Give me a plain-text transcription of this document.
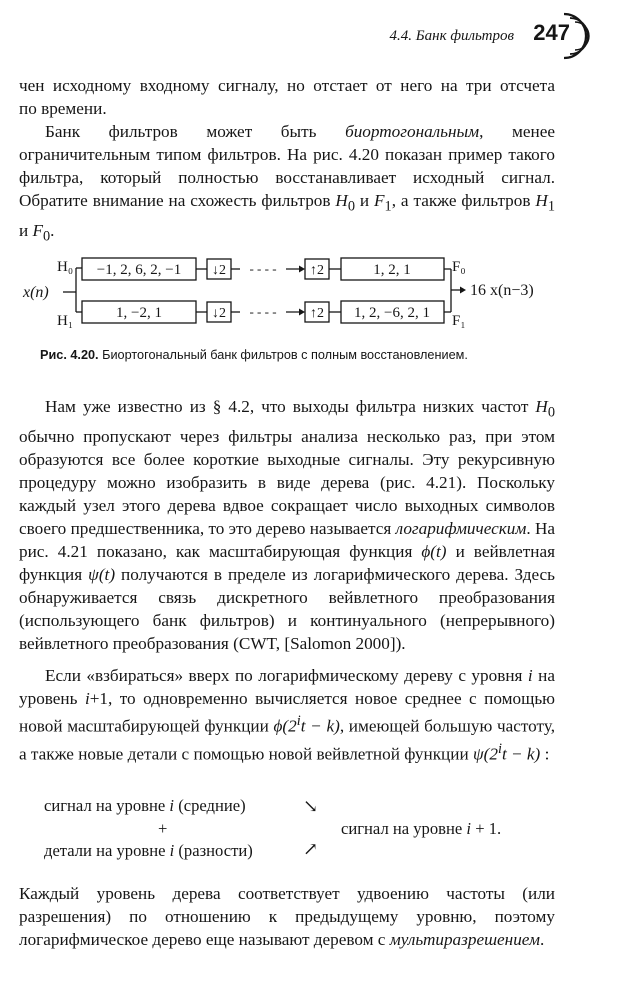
4.4. Банк фильтров 247
чен исходному входному сигналу, но отстает от него на три отсчета
по времени.

Банк фильтров может быть биортогональным, менее ограничительным типом фильтров. На рис. 4.20 показан пример такого фильтра, который полностью восстанавливает исходный сигнал. Обратите внимание на схожесть фильтров $H_0$ и $F_1$, а также фильтров $H_1$ и $F_0$.

x(n)
H₀
H₁
−1, 2, 6, 2, −1
1, −2, 1
↓2
↓2
- - - -
- - - -
↑2
↑2
1, 2, 1
1, 2, −6, 2, 1
F₀
F₁
16 x(n−3)
Рис. 4.20. Биортогональный банк фильтров с полным восстановлением.

Нам уже известно из § 4.2, что выходы фильтра низких частот $H_0$ обычно пропускают через фильтры анализа несколько раз, при этом образуются все более короткие выходные сигналы. Эту рекурсивную процедуру можно изобразить в виде дерева (рис. 4.21). Поскольку каждый узел этого дерева вдвое сокращает число выходных символов своего предшественника, то это дерево называется логарифмическим. На рис. 4.21 показано, как масштабирующая функция ϕ(t) и вейвлетная функция ψ(t) получаются в пределе из логарифмического дерева. Здесь обнаруживается связь дискретного вейвлетного преобразования (использующего банк фильтров) и континуального (непрерывного) вейвлетного преобразования (CWT, [Salomon 2000]).

Если «взбираться» вверх по логарифмическому дереву с уровня i на уровень i+1, то одновременно вычисляется новое среднее с помощью новой масштабирующей функции $\phi(2^it - k)$, имеющей большую частоту, а также новые детали с помощью новой вейвлетной функции $\psi(2^it - k)$ :

сигнал на уровне i (средние)
+
детали на уровне i (разности)
↘
↗
сигнал на уровне i + 1.

Каждый уровень дерева соответствует удвоению частоты (или разрешения) по отношению к предыдущему уровню, поэтому логарифмическое дерево еще называют деревом с мультиразрешением.
